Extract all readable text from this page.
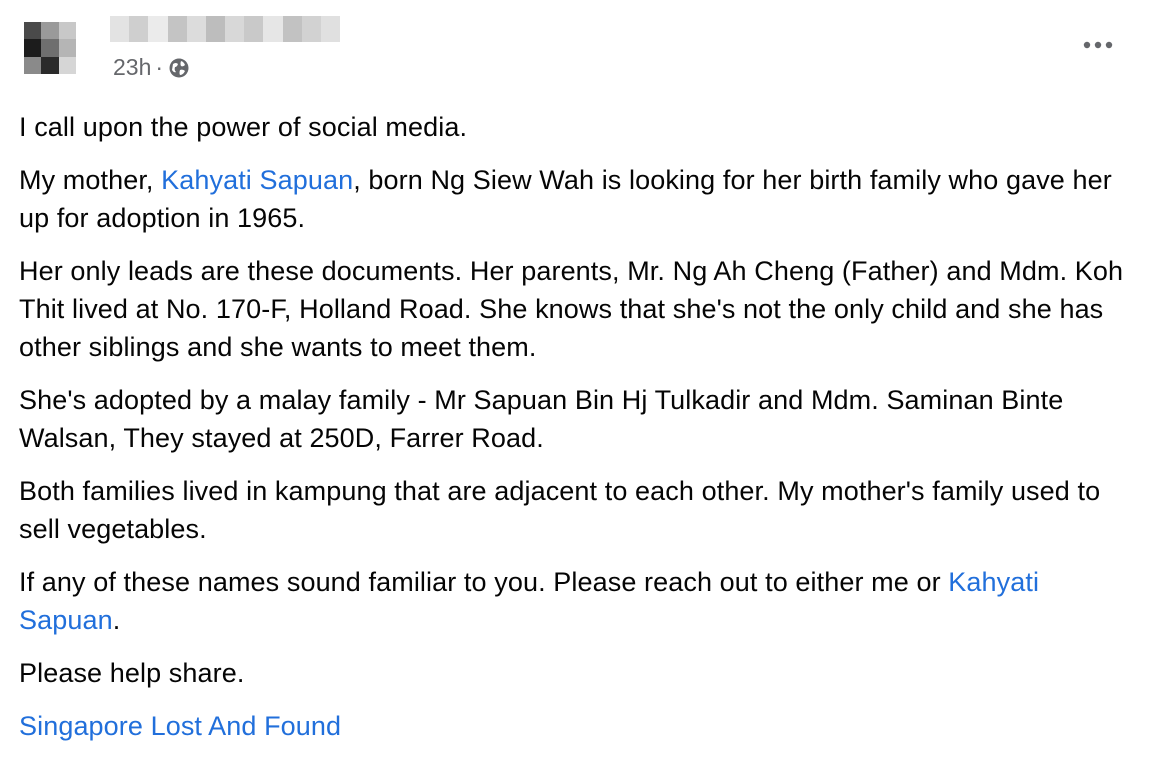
23h ·

I call upon the power of social media.

My mother, Kahyati Sapuan, born Ng Siew Wah is looking for her birth family who gave her up for adoption in 1965.

Her only leads are these documents. Her parents, Mr. Ng Ah Cheng (Father) and Mdm. Koh Thit lived at No. 170-F, Holland Road. She knows that she's not the only child and she has other siblings and she wants to meet them.

She's adopted by a malay family - Mr Sapuan Bin Hj Tulkadir and Mdm. Saminan Binte Walsan, They stayed at 250D, Farrer Road.

Both families lived in kampung that are adjacent to each other. My mother's family used to sell vegetables.

If any of these names sound familiar to you. Please reach out to either me or Kahyati Sapuan.

Please help share.

Singapore Lost And Found
